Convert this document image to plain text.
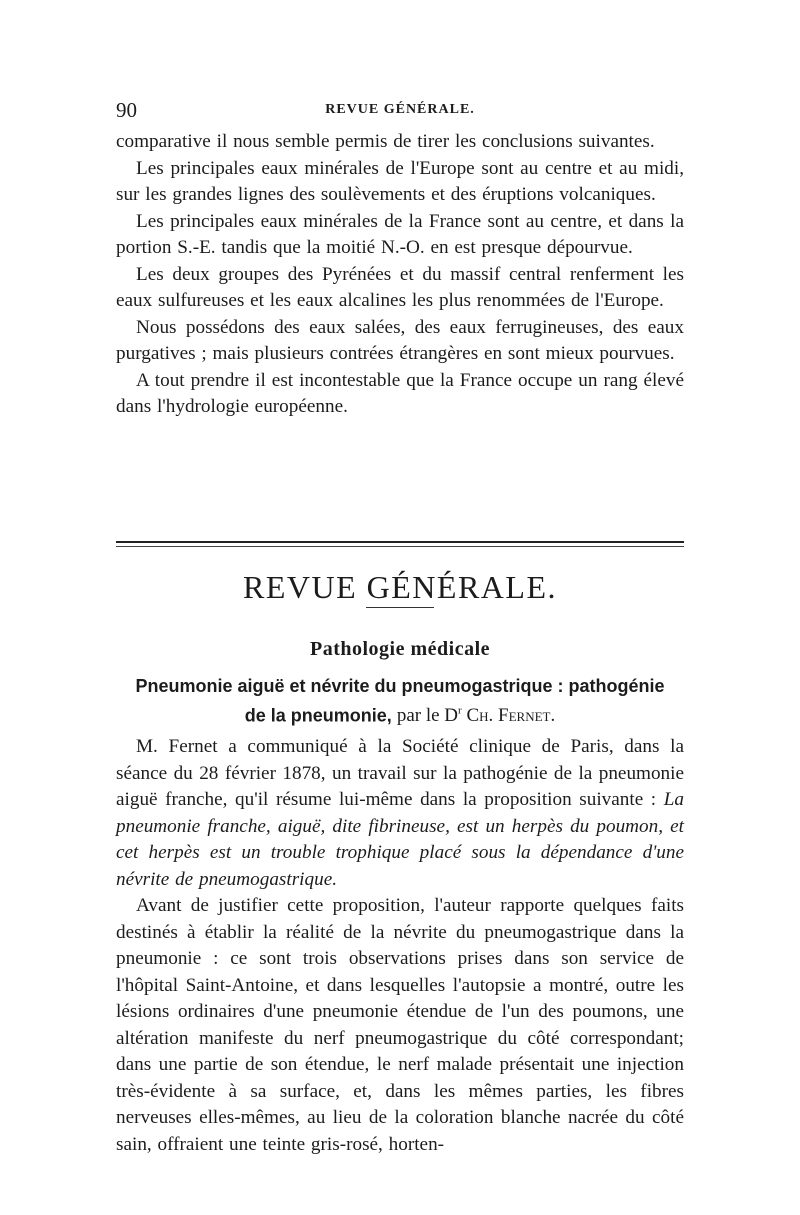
90	REVUE GÉNÉRALE.

comparative il nous semble permis de tirer les conclusions suivantes.

Les principales eaux minérales de l'Europe sont au centre et au midi, sur les grandes lignes des soulèvements et des éruptions volcaniques.

Les principales eaux minérales de la France sont au centre, et dans la portion S.-E. tandis que la moitié N.-O. en est presque dépourvue.

Les deux groupes des Pyrénées et du massif central renferment les eaux sulfureuses et les eaux alcalines les plus renommées de l'Europe.

Nous possédons des eaux salées, des eaux ferrugineuses, des eaux purgatives ; mais plusieurs contrées étrangères en sont mieux pourvues.

A tout prendre il est incontestable que la France occupe un rang élevé dans l'hydrologie européenne.

REVUE GÉNÉRALE.
Pathologie médicale
Pneumonie aiguë et névrite du pneumogastrique : pathogénie
de la pneumonie, par le $D^r$ Ch. Fernet.

M. Fernet a communiqué à la Société clinique de Paris, dans la séance du 28 février 1878, un travail sur la pathogénie de la pneumonie aiguë franche, qu'il résume lui-même dans la proposition suivante : La pneumonie franche, aiguë, dite fibrineuse, est un herpès du poumon, et cet herpès est un trouble trophique placé sous la dépendance d'une névrite de pneumogastrique.

Avant de justifier cette proposition, l'auteur rapporte quelques faits destinés à établir la réalité de la névrite du pneumogastrique dans la pneumonie : ce sont trois observations prises dans son service de l'hôpital Saint-Antoine, et dans lesquelles l'autopsie a montré, outre les lésions ordinaires d'une pneumonie étendue de l'un des poumons, une altération manifeste du nerf pneumogastrique du côté correspondant; dans une partie de son étendue, le nerf malade présentait une injection très-évidente à sa surface, et, dans les mêmes parties, les fibres nerveuses elles-mêmes, au lieu de la coloration blanche nacrée du côté sain, offraient une teinte gris-rosé, horten-
